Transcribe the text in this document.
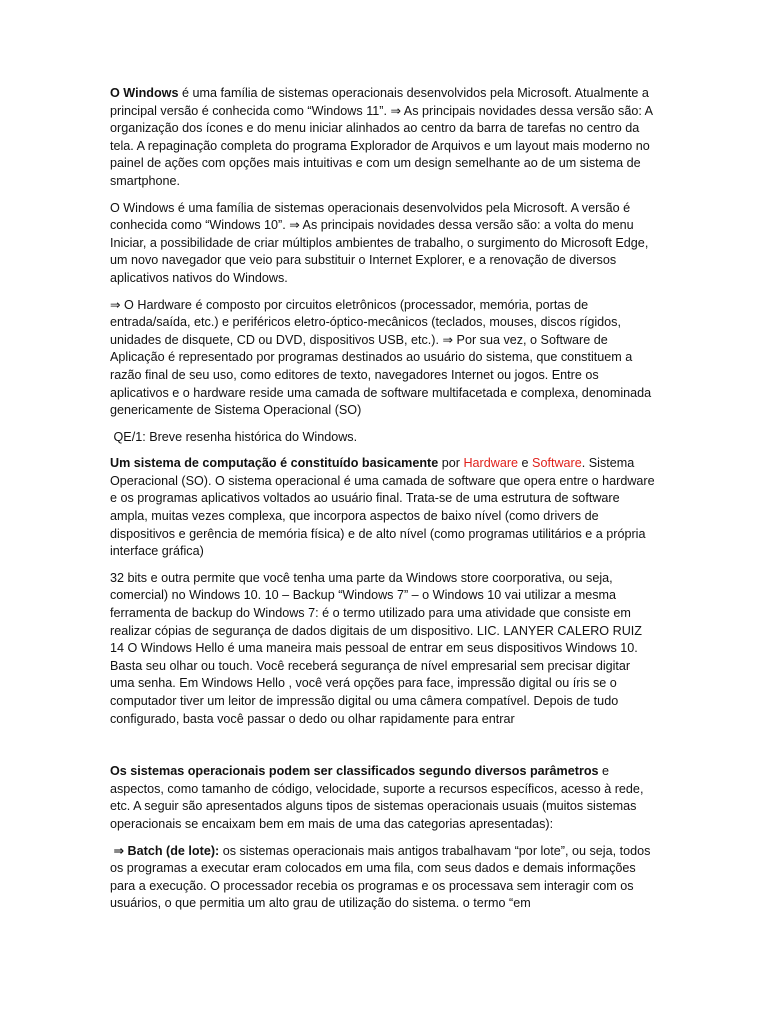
O Windows é uma família de sistemas operacionais desenvolvidos pela Microsoft. Atualmente a principal versão é conhecida como “Windows 11”. ⇒ As principais novidades dessa versão são: A organização dos ícones e do menu iniciar alinhados ao centro da barra de tarefas no centro da tela. A repaginação completa do programa Explorador de Arquivos e um layout mais moderno no painel de ações com opções mais intuitivas e com um design semelhante ao de um sistema de smartphone.

O Windows é uma família de sistemas operacionais desenvolvidos pela Microsoft. A versão é conhecida como “Windows 10”. ⇒ As principais novidades dessa versão são: a volta do menu Iniciar, a possibilidade de criar múltiplos ambientes de trabalho, o surgimento do Microsoft Edge, um novo navegador que veio para substituir o Internet Explorer, e a renovação de diversos aplicativos nativos do Windows.

⇒ O Hardware é composto por circuitos eletrônicos (processador, memória, portas de entrada/saída, etc.) e periféricos eletro-óptico-mecânicos (teclados, mouses, discos rígidos, unidades de disquete, CD ou DVD, dispositivos USB, etc.). ⇒ Por sua vez, o Software de Aplicação é representado por programas destinados ao usuário do sistema, que constituem a razão final de seu uso, como editores de texto, navegadores Internet ou jogos. Entre os aplicativos e o hardware reside uma camada de software multifacetada e complexa, denominada genericamente de Sistema Operacional (SO)

QE/1: Breve resenha histórica do Windows.

Um sistema de computação é constituído basicamente por Hardware e Software. Sistema Operacional (SO). O sistema operacional é uma camada de software que opera entre o hardware e os programas aplicativos voltados ao usuário final. Trata-se de uma estrutura de software ampla, muitas vezes complexa, que incorpora aspectos de baixo nível (como drivers de dispositivos e gerência de memória física) e de alto nível (como programas utilitários e a própria interface gráfica)

32 bits e outra permite que você tenha uma parte da Windows store coorporativa, ou seja, comercial) no Windows 10. 10 – Backup “Windows 7” – o Windows 10 vai utilizar a mesma ferramenta de backup do Windows 7: é o termo utilizado para uma atividade que consiste em realizar cópias de segurança de dados digitais de um dispositivo. LIC. LANYER CALERO RUIZ 14 O Windows Hello é uma maneira mais pessoal de entrar em seus dispositivos Windows 10. Basta seu olhar ou touch. Você receberá segurança de nível empresarial sem precisar digitar uma senha. Em Windows Hello , você verá opções para face, impressão digital ou íris se o computador tiver um leitor de impressão digital ou uma câmera compatível. Depois de tudo configurado, basta você passar o dedo ou olhar rapidamente para entrar

Os sistemas operacionais podem ser classificados segundo diversos parâmetros e aspectos, como tamanho de código, velocidade, suporte a recursos específicos, acesso à rede, etc. A seguir são apresentados alguns tipos de sistemas operacionais usuais (muitos sistemas operacionais se encaixam bem em mais de uma das categorias apresentadas):

⇒ Batch (de lote): os sistemas operacionais mais antigos trabalhavam “por lote”, ou seja, todos os programas a executar eram colocados em uma fila, com seus dados e demais informações para a execução. O processador recebia os programas e os processava sem interagir com os usuários, o que permitia um alto grau de utilização do sistema. o termo “em
